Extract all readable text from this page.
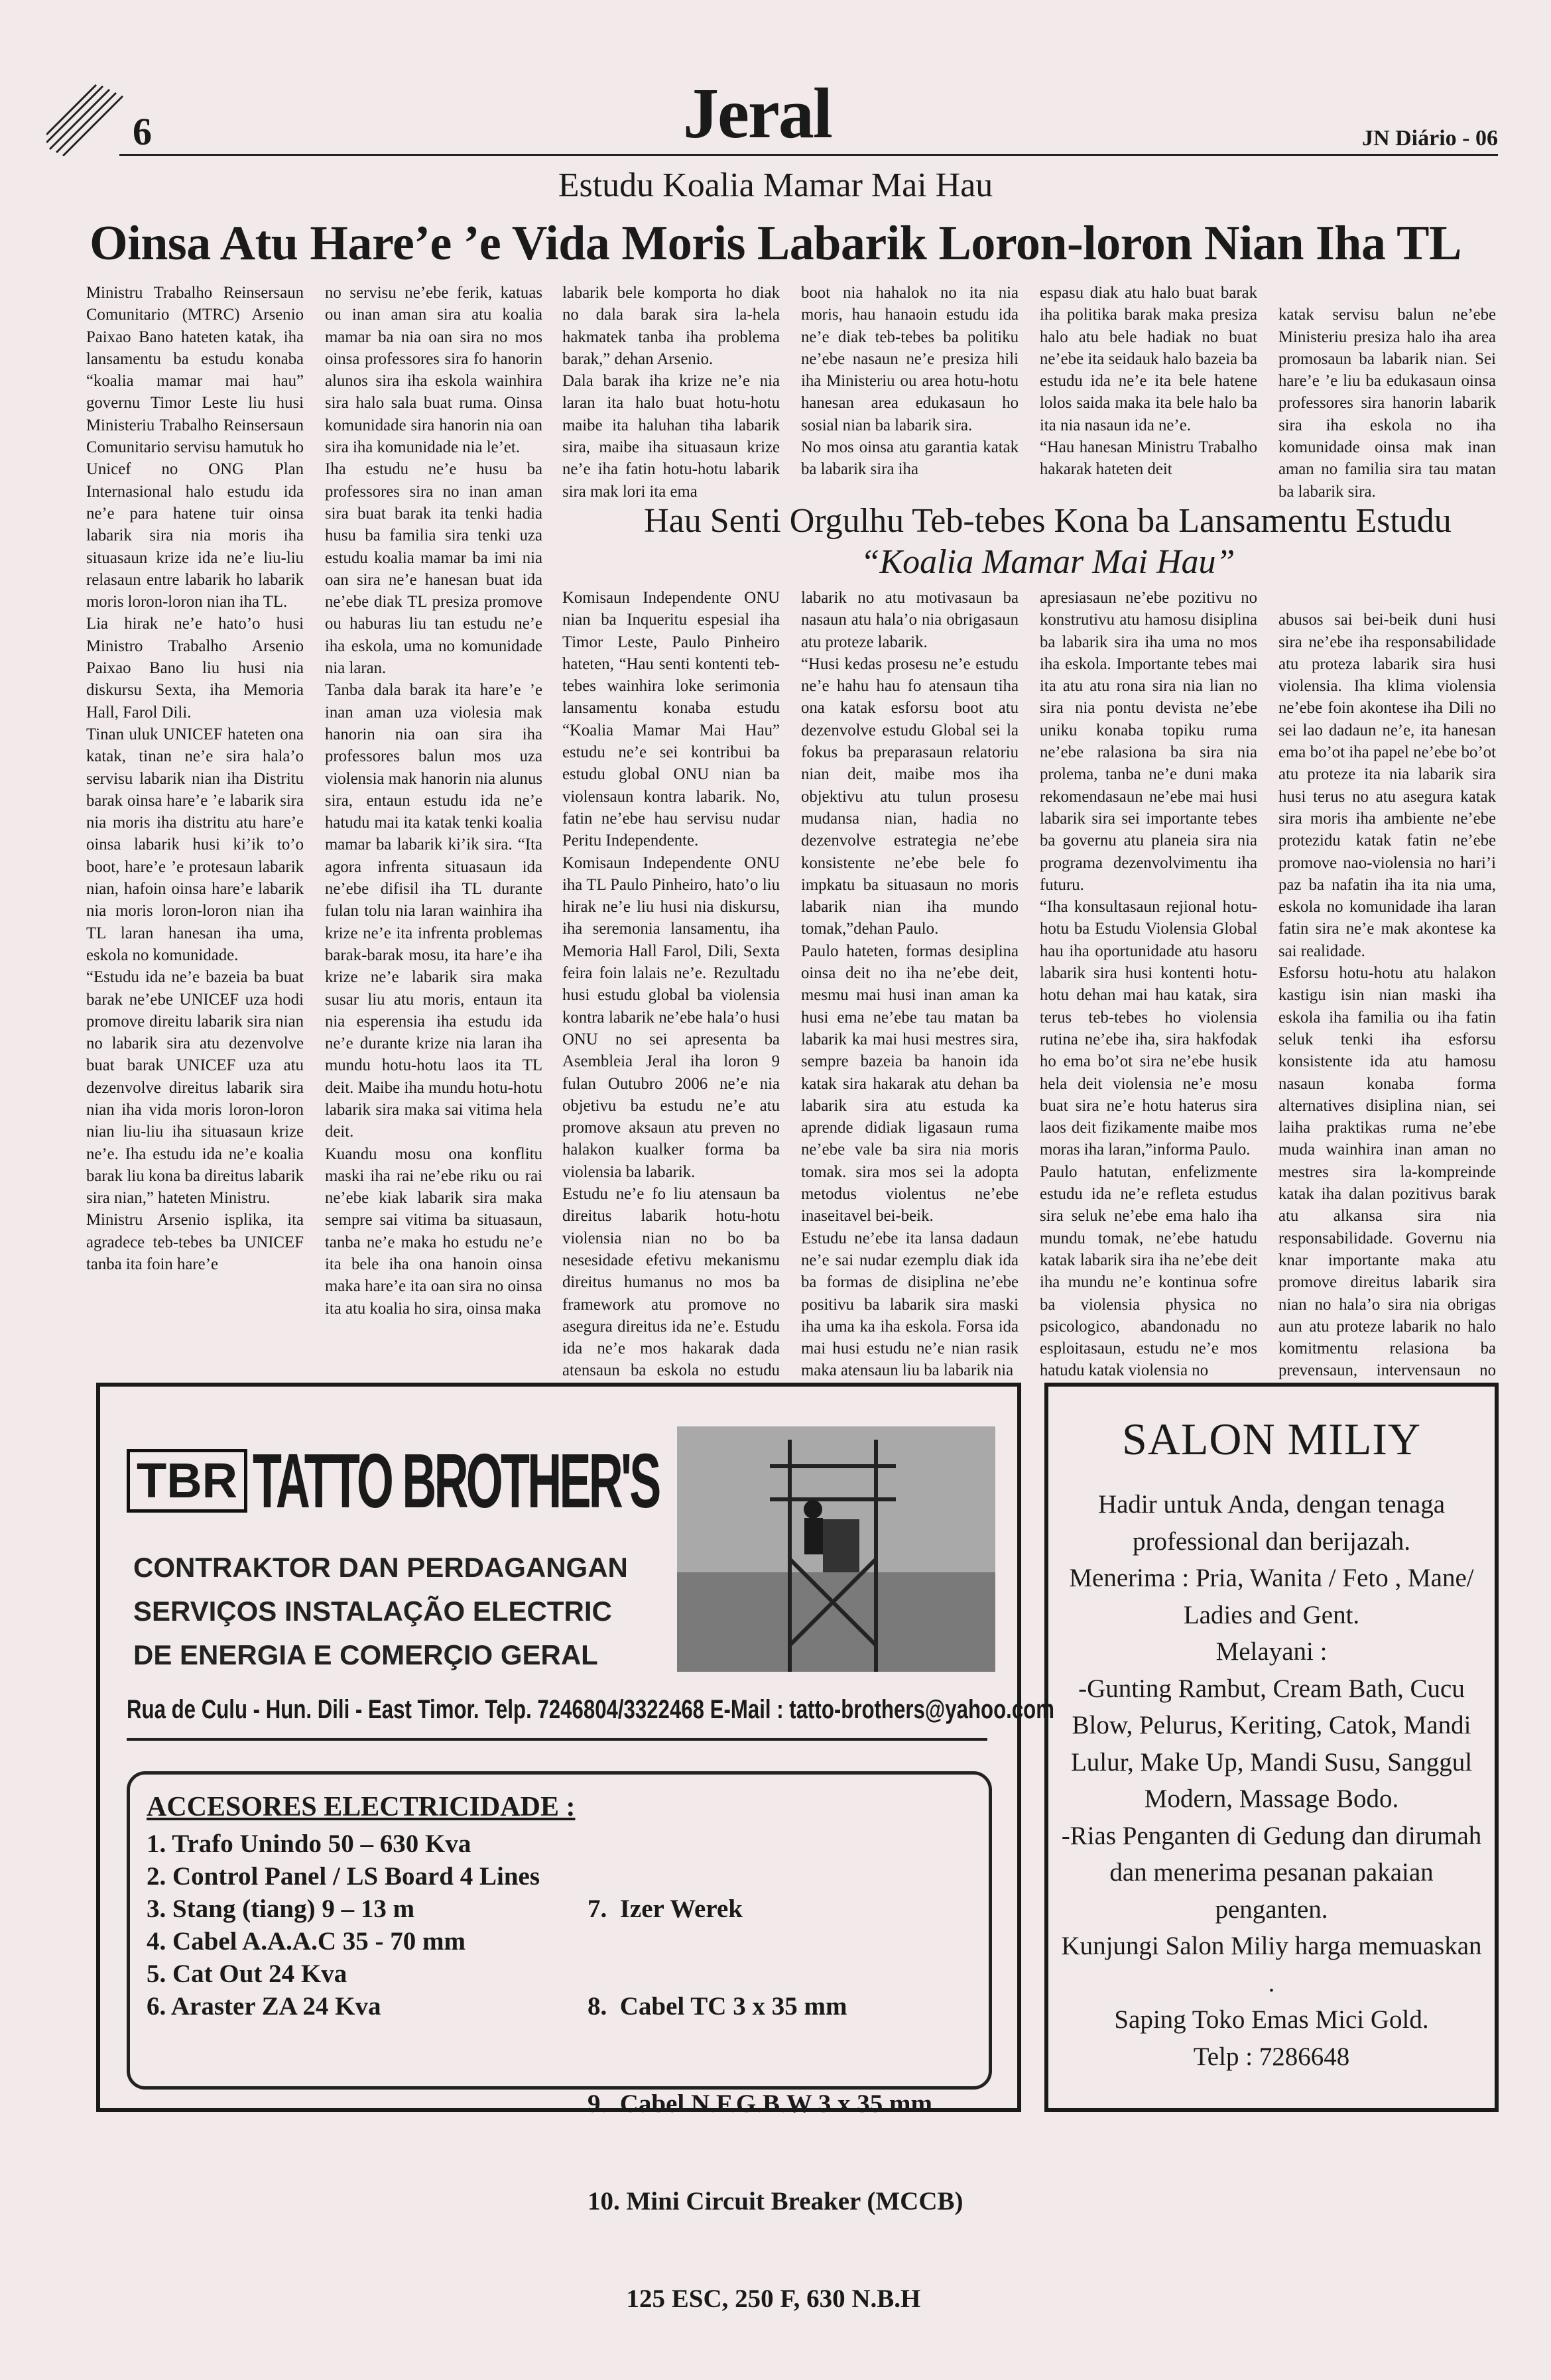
6	Jeral	JN Diário - 06
Estudu Koalia Mamar Mai Hau
Oinsa Atu Hare’e ’e Vida Moris Labarik Loron-loron Nian Iha TL
Ministru Trabalho Reinsersaun Comunitario (MTRC) Arsenio Paixao Bano hateten katak, iha lansamentu ba estudu konaba “koalia mamar mai hau” governu Timor Leste liu husi Ministeriu Trabalho Reinsersaun Comunitario servisu hamutuk ho Unicef no ONG Plan Internasional halo estudu ida ne’e para hatene tuir oinsa labarik sira nia moris iha situasaun krize ida ne’e liu-liu relasaun entre labarik ho labarik moris loron-loron nian iha TL.
Lia hirak ne’e hato’o husi Ministro Trabalho Arsenio Paixao Bano liu husi nia diskursu Sexta, iha Memoria Hall, Farol Dili.
Tinan uluk UNICEF hateten ona katak, tinan ne’e sira hala’o servisu labarik nian iha Distritu barak oinsa hare’e ’e labarik sira nia moris iha distritu atu hare’e oinsa labarik husi ki’ik to’o boot, hare’e ’e protesaun labarik nian, hafoin oinsa hare’e labarik nia moris loron-loron nian iha TL laran hanesan iha uma, eskola no komunidade.
“Estudu ida ne’e bazeia ba buat barak ne’ebe UNICEF uza hodi promove direitu labarik sira nian no labarik sira atu dezenvolve buat barak UNICEF uza atu dezenvolve direitus labarik sira nian iha vida moris loron-loron nian liu-liu iha situasaun krize ne’e. Iha estudu ida ne’e koalia barak liu kona ba direitus labarik sira nian,” hateten Ministru.
Ministru Arsenio isplika, ita agradece teb-tebes ba UNICEF tanba ita foin hare’e
no servisu ne’ebe ferik, katuas ou inan aman sira atu koalia mamar ba nia oan sira no mos oinsa professores sira fo hanorin alunos sira iha eskola wainhira sira halo sala buat ruma. Oinsa komunidade sira hanorin nia oan sira iha komunidade nia le’et.
Iha estudu ne’e husu ba professores sira no inan aman sira buat barak ita tenki hadia husu ba familia sira tenki uza estudu koalia mamar ba imi nia oan sira ne’e hanesan buat ida ne’ebe diak TL presiza promove ou haburas liu tan estudu ne’e iha eskola, uma no komunidade nia laran.
Tanba dala barak ita hare’e ’e inan aman uza violesia mak hanorin nia oan sira iha professores balun mos uza violensia mak hanorin nia alunus sira, entaun estudu ida ne’e hatudu mai ita katak tenki koalia mamar ba labarik ki’ik sira. “Ita agora infrenta situasaun ida ne’ebe difisil iha TL durante fulan tolu nia laran wainhira iha krize ne’e ita infrenta problemas barak-barak mosu, ita hare’e iha krize ne’e labarik sira maka susar liu atu moris, entaun ita nia esperensia iha estudu ida ne’e durante krize nia laran iha mundu hotu-hotu laos ita TL deit. Maibe iha mundu hotu-hotu labarik sira maka sai vitima hela deit.
Kuandu mosu ona konflitu maski iha rai ne’ebe riku ou rai ne’ebe kiak labarik sira maka sempre sai vitima ba situasaun, tanba ne’e maka ho estudu ne’e ita bele iha ona hanoin oinsa maka hare’e ita oan sira no oinsa ita atu koalia ho sira, oinsa maka
labarik bele komporta ho diak no dala barak sira la-hela hakmatek tanba iha problema barak,” dehan Arsenio.
Dala barak iha krize ne’e nia laran ita halo buat hotu-hotu maibe ita haluhan tiha labarik sira, maibe iha situasaun krize ne’e iha fatin hotu-hotu labarik sira mak lori ita ema
boot nia hahalok no ita nia moris, hau hanaoin estudu ida ne’e diak teb-tebes ba politiku ne’ebe nasaun ne’e presiza hili iha Ministeriu ou area hotu-hotu hanesan area edukasaun ho sosial nian ba labarik sira.
No mos oinsa atu garantia katak ba labarik sira iha
espasu diak atu halo buat barak iha politika barak maka presiza halo atu bele hadiak no buat ne’ebe ita seidauk halo bazeia ba estudu ida ne’e ita bele hatene lolos saida maka ita bele halo ba ita nia nasaun ida ne’e.
“Hau hanesan Ministru Trabalho hakarak hateten deit

katak servisu balun ne’ebe Ministeriu presiza halo iha area promosaun ba labarik nian. Sei hare’e ’e liu ba edukasaun oinsa professores sira hanorin labarik sira iha eskola no iha komunidade oinsa mak inan aman no familia sira tau matan ba labarik sira.

Hau Senti Orgulhu Teb-tebes Kona ba Lansamentu Estudu
“Koalia Mamar Mai Hau”
Komisaun Independente ONU nian ba Inqueritu espesial iha Timor Leste, Paulo Pinheiro hateten, “Hau senti kontenti teb-tebes wainhira loke serimonia lansamentu konaba estudu “Koalia Mamar Mai Hau” estudu ne’e sei kontribui ba estudu global ONU nian ba violensaun kontra labarik. No, fatin ne’ebe hau servisu nudar Peritu Independente.
Komisaun Independente ONU iha TL Paulo Pinheiro, hato’o liu hirak ne’e liu husi nia diskursu, iha seremonia lansamentu, iha Memoria Hall Farol, Dili, Sexta feira foin lalais ne’e. Rezultadu husi estudu global ba violensia kontra labarik ne’ebe hala’o husi ONU no sei apresenta ba Asembleia Jeral iha loron 9 fulan Outubro 2006 ne’e nia objetivu ba estudu ne’e atu promove aksaun atu preven no halakon kualker forma ba violensia ba labarik.
Estudu ne’e fo liu atensaun ba direitus labarik hotu-hotu violensia nian no bo ba nesesidade efetivu mekanismu direitus humanus no mos ba framework atu promove no asegura direitus ida ne’e. Estudu ida ne’e mos hakarak dada atensaun ba eskola no estudu
labarik no atu motivasaun ba nasaun atu hala’o nia obrigasaun atu proteze labarik.
“Husi kedas prosesu ne’e estudu ne’e hahu hau fo atensaun tiha ona katak esforsu boot atu dezenvolve estudu Global sei la fokus ba preparasaun relatoriu nian deit, maibe mos iha objektivu atu tulun prosesu mudansa nian, hadia no dezenvolve estrategia ne’ebe konsistente ne’ebe bele fo impkatu ba situasaun no moris labarik nian iha mundo tomak,”dehan Paulo.
Paulo hateten, formas desiplina oinsa deit no iha ne’ebe deit, mesmu mai husi inan aman ka husi ema ne’ebe tau matan ba labarik ka mai husi mestres sira, sempre bazeia ba hanoin ida katak sira hakarak atu dehan ba labarik sira atu estuda ka aprende didiak ligasaun ruma ne’ebe vale ba sira nia moris tomak. sira mos sei la adopta metodus violentus ne’ebe inaseitavel bei-beik.
Estudu ne’ebe ita lansa dadaun ne’e sai nudar ezemplu diak ida ba formas de disiplina ne’ebe positivu ba labarik sira maski iha uma ka iha eskola. Forsa ida mai husi estudu ne’e nian rasik maka atensaun liu ba labarik nia
apresiasaun ne’ebe pozitivu no konstrutivu atu hamosu disiplina ba labarik sira iha uma no mos iha eskola. Importante tebes mai ita atu atu rona sira nia lian no sira nia pontu devista ne’ebe uniku konaba topiku ruma ne’ebe ralasiona ba sira nia prolema, tanba ne’e duni maka rekomendasaun ne’ebe mai husi labarik sira sei importante tebes ba governu atu planeia sira nia programa dezenvolvimentu iha futuru.
“Iha konsultasaun rejional hotu-hotu ba Estudu Violensia Global hau iha oportunidade atu hasoru labarik sira husi kontenti hotu-hotu dehan mai hau katak, sira terus teb-tebes ho violensia rutina ne’ebe iha, sira hakfodak ho ema bo’ot sira ne’ebe husik hela deit violensia ne’e mosu buat sira ne’e hotu haterus sira laos deit fizikamente maibe mos moras iha laran,”informa Paulo.
Paulo hatutan, enfelizmente estudu ida ne’e refleta estudus sira seluk ne’ebe ema halo iha mundu tomak, ne’ebe hatudu katak labarik sira iha ne’ebe deit iha mundu ne’e kontinua sofre ba violensia physica no psicologico, abandonadu no esploitasaun, estudu ne’e mos hatudu katak violensia no

abusos sai bei-beik duni husi sira ne’ebe iha responsabilidade atu proteza labarik sira husi violensia. Iha klima violensia ne’ebe foin akontese iha Dili no sei lao dadaun ne’e, ita hanesan ema bo’ot iha papel ne’ebe bo’ot atu proteze ita nia labarik sira husi terus no atu asegura katak sira moris iha ambiente ne’ebe protezidu katak fatin ne’ebe promove nao-violensia no hari’i paz ba nafatin iha ita nia uma, eskola no komunidade iha laran fatin sira ne’e mak akontese ka sai realidade.
Esforsu hotu-hotu atu halakon kastigu isin nian maski iha eskola iha familia ou iha fatin seluk tenki iha esforsu konsistente ida atu hamosu nasaun konaba forma alternatives disiplina nian, sei laiha praktikas ruma ne’ebe muda wainhira inan aman no mestres sira la-kompreinde katak iha dalan pozitivus barak atu alkansa sira nia responsabilidade. Governu nia knar importante maka atu promove direitus labarik sira nian no hala’o sira nia obrigas aun atu proteze labarik no halo komitmentu relasiona ba prevensaun, intervensaun no

TBR TATTO BROTHER'S
CONTRAKTOR DAN PERDAGANGAN
SERVIÇOS INSTALAÇÃO ELECTRIC
DE ENERGIA E COMERÇIO GERAL
Rua de Culu - Hun. Dili - East Timor. Telp. 7246804/3322468 E-Mail : tatto-brothers@yahoo.com
ACCESORES ELECTRICIDADE :
1. Trafo Unindo 50 – 630 Kva
2. Control Panel / LS Board 4 Lines
3. Stang (tiang) 9 – 13 m
4. Cabel A.A.A.C 35 - 70 mm
5. Cat Out 24 Kva
6. Araster ZA 24 Kva

7.  Izer Werek

8.  Cabel TC 3 x 35 mm

9.  Cabel N.F.G.B.W 3 x 35 mm

10. Mini Circuit Breaker (MCCB)

125 ESC, 250 F, 630 N.B.H

SALON MILIY
Hadir untuk Anda, dengan tenaga professional dan berijazah.
Menerima : Pria, Wanita / Feto , Mane/ Ladies and Gent.
Melayani :
-Gunting Rambut, Cream Bath, Cucu Blow, Pelurus, Keriting, Catok, Mandi Lulur, Make Up, Mandi Susu, Sanggul Modern, Massage Bodo.
-Rias Penganten di Gedung dan dirumah dan menerima pesanan pakaian penganten.
Kunjungi Salon Miliy harga memuaskan .
Saping Toko Emas Mici Gold.
Telp : 7286648
